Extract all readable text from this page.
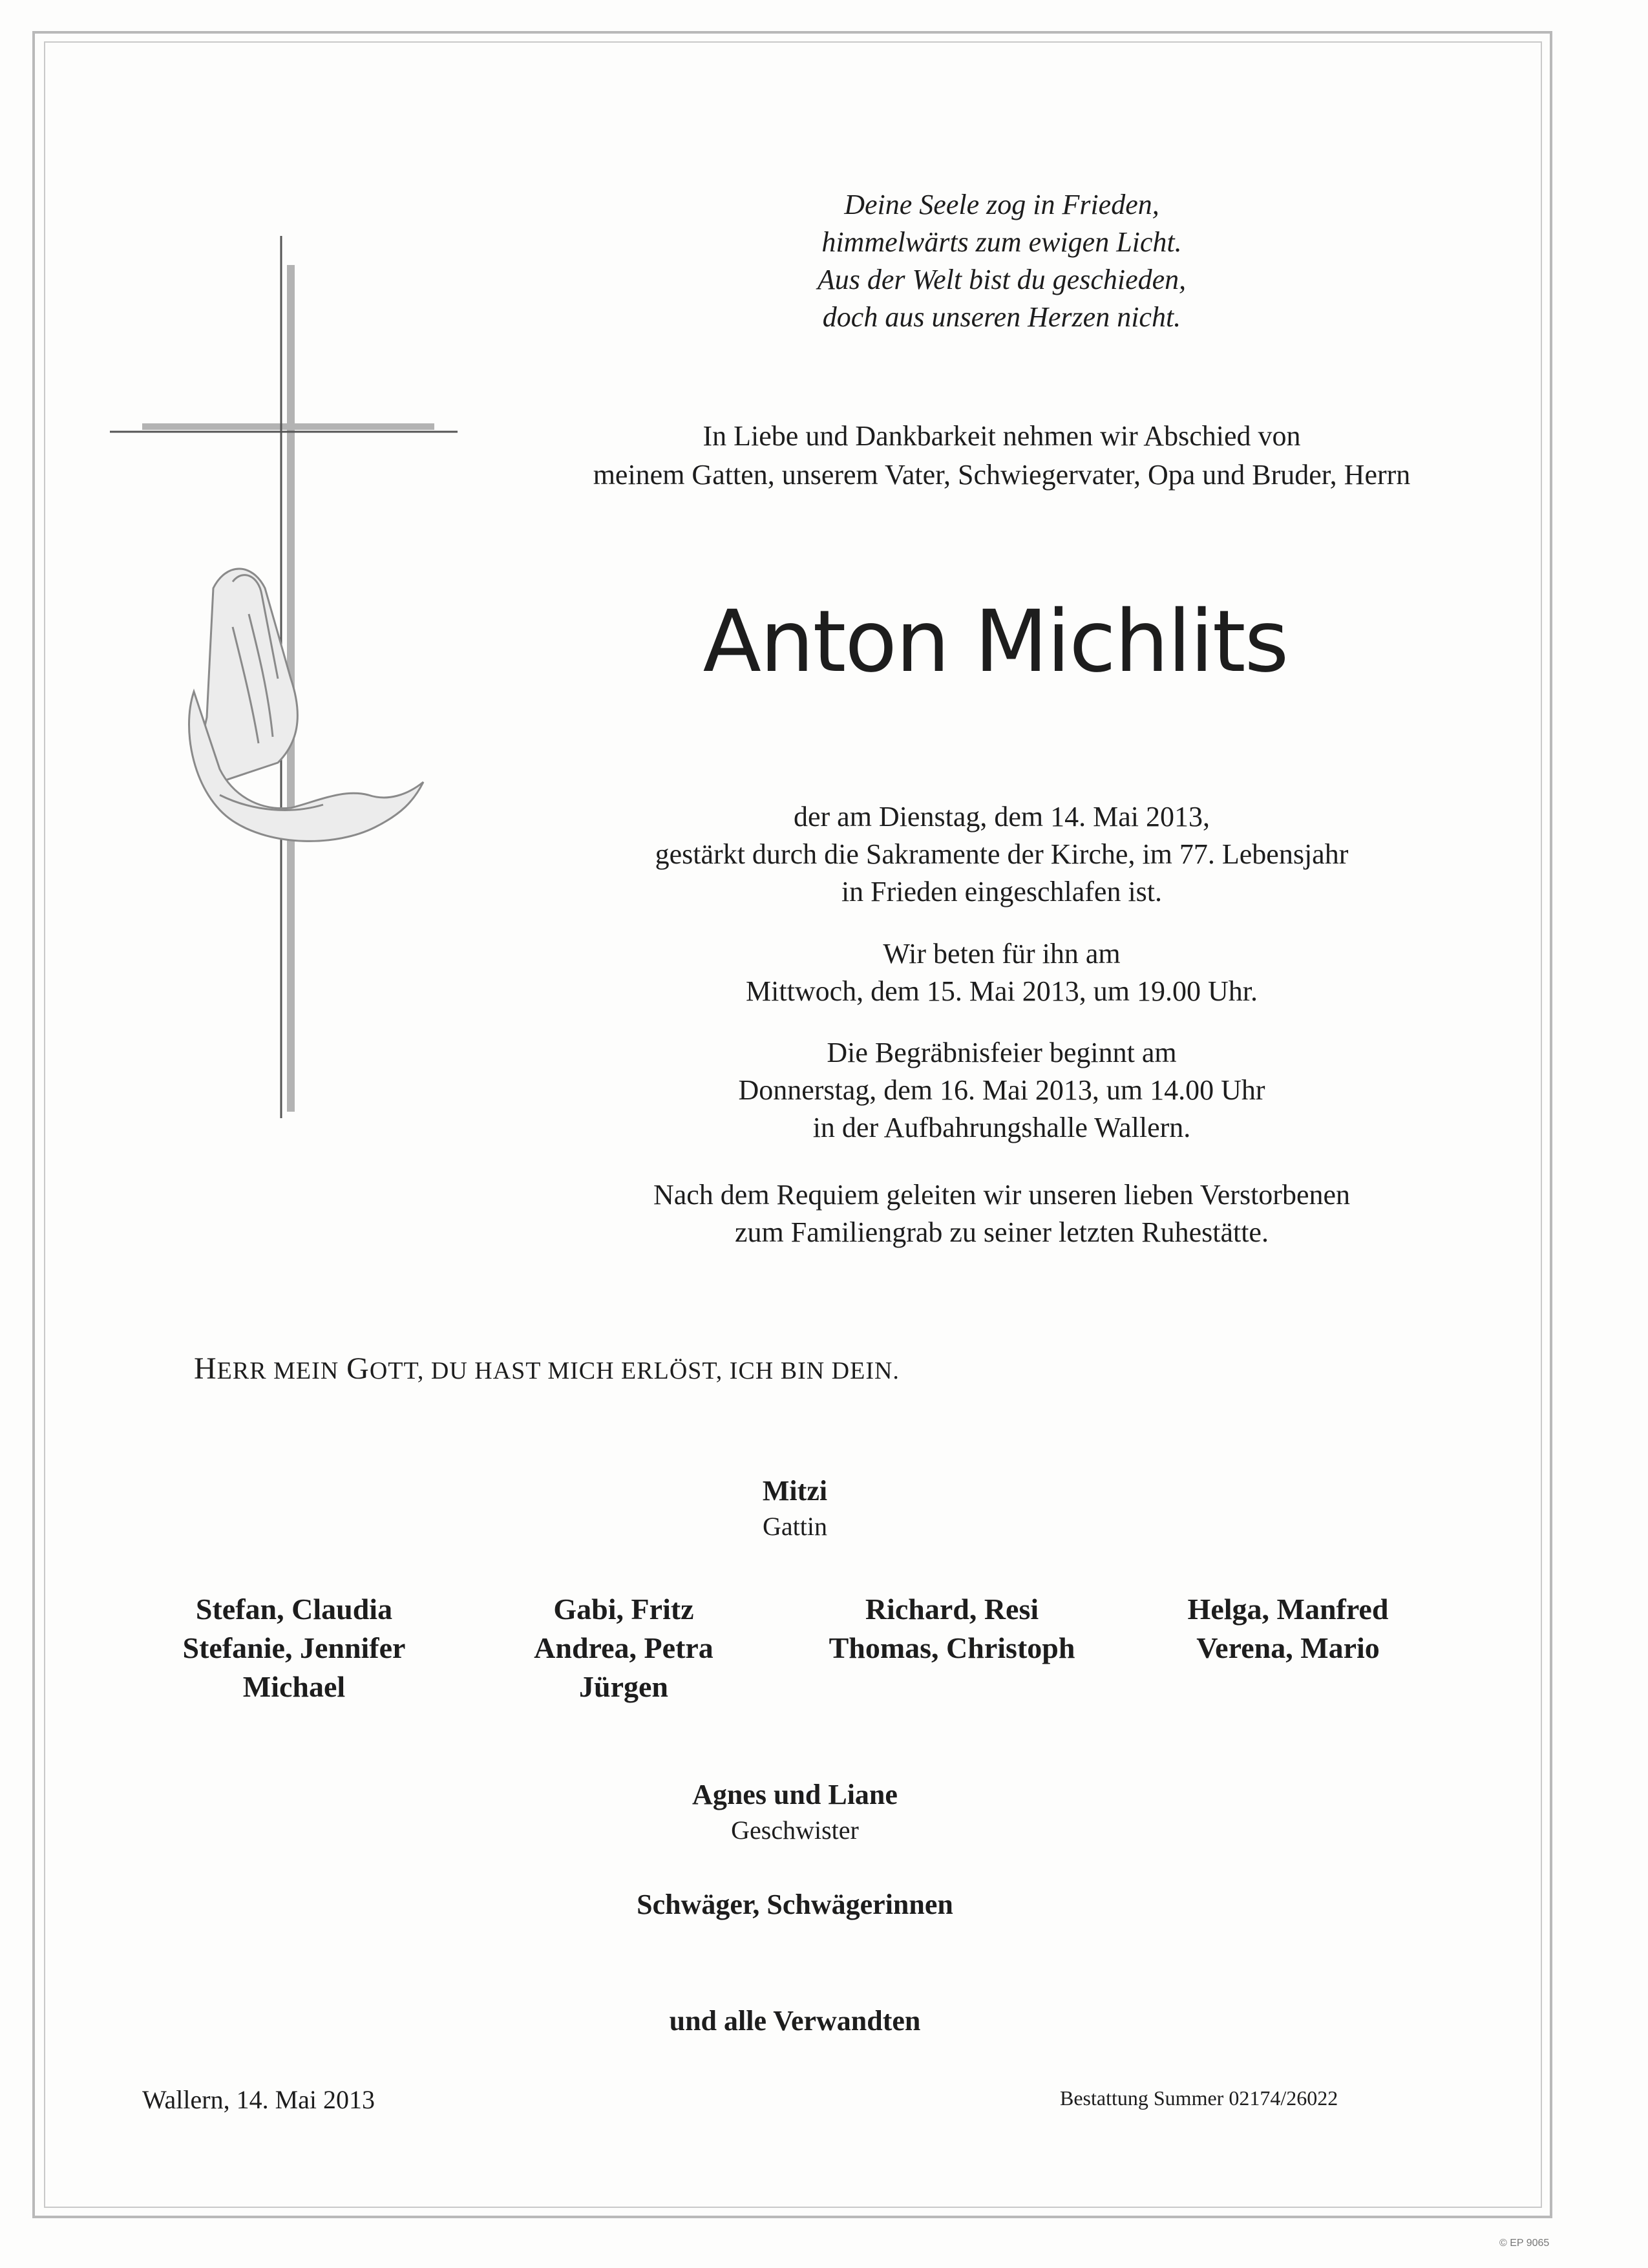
Deine Seele zog in Frieden,
himmelwärts zum ewigen Licht.
Aus der Welt bist du geschieden,
doch aus unseren Herzen nicht.
In Liebe und Dankbarkeit nehmen wir Abschied von
meinem Gatten, unserem Vater, Schwiegervater, Opa und Bruder, Herrn
Anton Michlits
der am Dienstag, dem 14. Mai 2013,
gestärkt durch die Sakramente der Kirche, im 77. Lebensjahr
in Frieden eingeschlafen ist.
Wir beten für ihn am
Mittwoch, dem 15. Mai 2013, um 19.00 Uhr.
Die Begräbnisfeier beginnt am
Donnerstag, dem 16. Mai 2013, um 14.00 Uhr
in der Aufbahrungshalle Wallern.
Nach dem Requiem geleiten wir unseren lieben Verstorbenen
zum Familiengrab zu seiner letzten Ruhestätte.
HERR MEIN GOTT, DU HAST MICH ERLÖST, ICH BIN DEIN.
Mitzi
Gattin
Stefan, Claudia
Stefanie, Jennifer
Michael
Gabi, Fritz
Andrea, Petra
Jürgen
Richard, Resi
Thomas, Christoph
Helga, Manfred
Verena, Mario
Agnes und Liane
Geschwister
Schwäger, Schwägerinnen
und alle Verwandten
Wallern, 14. Mai 2013	Bestattung Summer 02174/26022
© EP 9065
